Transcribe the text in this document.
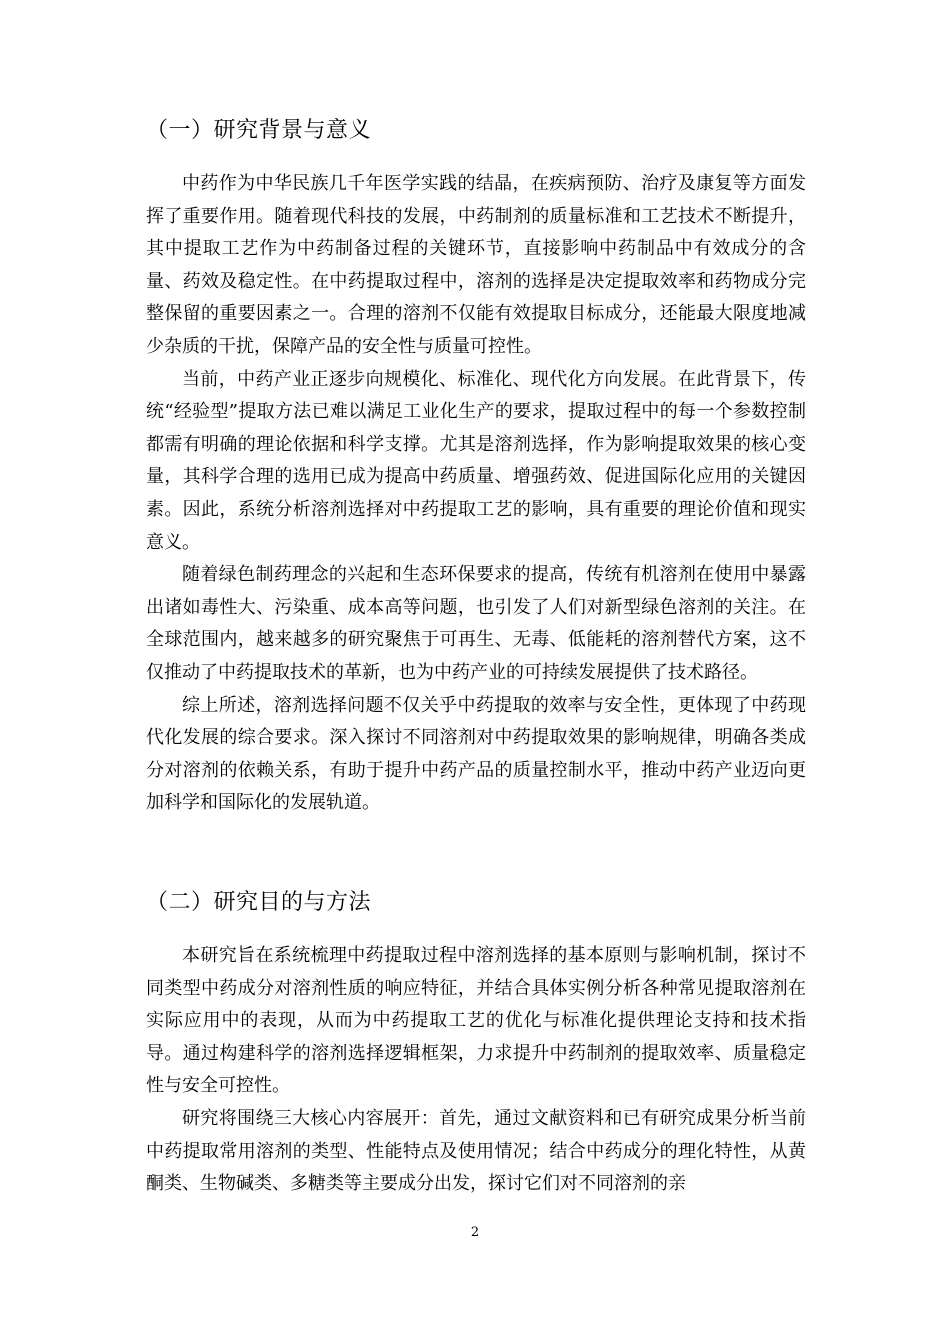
（一）研究背景与意义

中药作为中华民族几千年医学实践的结晶，在疾病预防、治疗及康复等方面发挥了重要作用。随着现代科技的发展，中药制剂的质量标准和工艺技术不断提升，其中提取工艺作为中药制备过程的关键环节，直接影响中药制品中有效成分的含量、药效及稳定性。在中药提取过程中，溶剂的选择是决定提取效率和药物成分完整保留的重要因素之一。合理的溶剂不仅能有效提取目标成分，还能最大限度地减少杂质的干扰，保障产品的安全性与质量可控性。

当前，中药产业正逐步向规模化、标准化、现代化方向发展。在此背景下，传统“经验型”提取方法已难以满足工业化生产的要求，提取过程中的每一个参数控制都需有明确的理论依据和科学支撑。尤其是溶剂选择，作为影响提取效果的核心变量，其科学合理的选用已成为提高中药质量、增强药效、促进国际化应用的关键因素。因此，系统分析溶剂选择对中药提取工艺的影响，具有重要的理论价值和现实意义。

随着绿色制药理念的兴起和生态环保要求的提高，传统有机溶剂在使用中暴露出诸如毒性大、污染重、成本高等问题，也引发了人们对新型绿色溶剂的关注。在全球范围内，越来越多的研究聚焦于可再生、无毒、低能耗的溶剂替代方案，这不仅推动了中药提取技术的革新，也为中药产业的可持续发展提供了技术路径。

综上所述，溶剂选择问题不仅关乎中药提取的效率与安全性，更体现了中药现代化发展的综合要求。深入探讨不同溶剂对中药提取效果的影响规律，明确各类成分对溶剂的依赖关系，有助于提升中药产品的质量控制水平，推动中药产业迈向更加科学和国际化的发展轨道。

（二）研究目的与方法

本研究旨在系统梳理中药提取过程中溶剂选择的基本原则与影响机制，探讨不同类型中药成分对溶剂性质的响应特征，并结合具体实例分析各种常见提取溶剂在实际应用中的表现，从而为中药提取工艺的优化与标准化提供理论支持和技术指导。通过构建科学的溶剂选择逻辑框架，力求提升中药制剂的提取效率、质量稳定性与安全可控性。

研究将围绕三大核心内容展开：首先，通过文献资料和已有研究成果分析当前中药提取常用溶剂的类型、性能特点及使用情况；结合中药成分的理化特性，从黄酮类、生物碱类、多糖类等主要成分出发，探讨它们对不同溶剂的亲

2
